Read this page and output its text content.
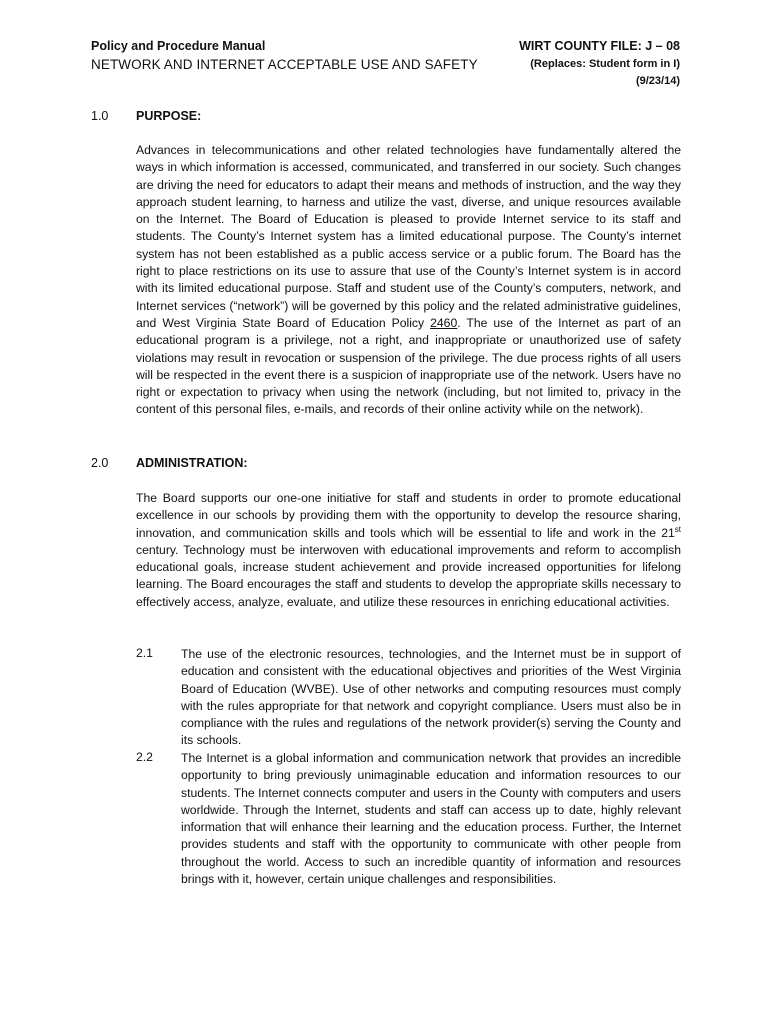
Policy and Procedure Manual
NETWORK AND INTERNET ACCEPTABLE USE AND SAFETY
WIRT COUNTY FILE: J – 08
(Replaces: Student form in I)
(9/23/14)
1.0 PURPOSE:

Advances in telecommunications and other related technologies have fundamentally altered the ways in which information is accessed, communicated, and transferred in our society. Such changes are driving the need for educators to adapt their means and methods of instruction, and the way they approach student learning, to harness and utilize the vast, diverse, and unique resources available on the Internet. The Board of Education is pleased to provide Internet service to its staff and students. The County’s Internet system has a limited educational purpose. The County’s internet system has not been established as a public access service or a public forum. The Board has the right to place restrictions on its use to assure that use of the County’s Internet system is in accord with its limited educational purpose. Staff and student use of the County’s computers, network, and Internet services (“network”) will be governed by this policy and the related administrative guidelines, and West Virginia State Board of Education Policy 2460. The use of the Internet as part of an educational program is a privilege, not a right, and inappropriate or unauthorized use of safety violations may result in revocation or suspension of the privilege. The due process rights of all users will be respected in the event there is a suspicion of inappropriate use of the network. Users have no right or expectation to privacy when using the network (including, but not limited to, privacy in the content of this personal files, e-mails, and records of their online activity while on the network).

2.0 ADMINISTRATION:

The Board supports our one-one initiative for staff and students in order to promote educational excellence in our schools by providing them with the opportunity to develop the resource sharing, innovation, and communication skills and tools which will be essential to life and work in the 21st century. Technology must be interwoven with educational improvements and reform to accomplish educational goals, increase student achievement and provide increased opportunities for lifelong learning. The Board encourages the staff and students to develop the appropriate skills necessary to effectively access, analyze, evaluate, and utilize these resources in enriching educational activities.

2.1 The use of the electronic resources, technologies, and the Internet must be in support of education and consistent with the educational objectives and priorities of the West Virginia Board of Education (WVBE). Use of other networks and computing resources must comply with the rules appropriate for that network and copyright compliance. Users must also be in compliance with the rules and regulations of the network provider(s) serving the County and its schools.

2.2 The Internet is a global information and communication network that provides an incredible opportunity to bring previously unimaginable education and information resources to our students. The Internet connects computer and users in the County with computers and users worldwide. Through the Internet, students and staff can access up to date, highly relevant information that will enhance their learning and the education process. Further, the Internet provides students and staff with the opportunity to communicate with other people from throughout the world. Access to such an incredible quantity of information and resources brings with it, however, certain unique challenges and responsibilities.
